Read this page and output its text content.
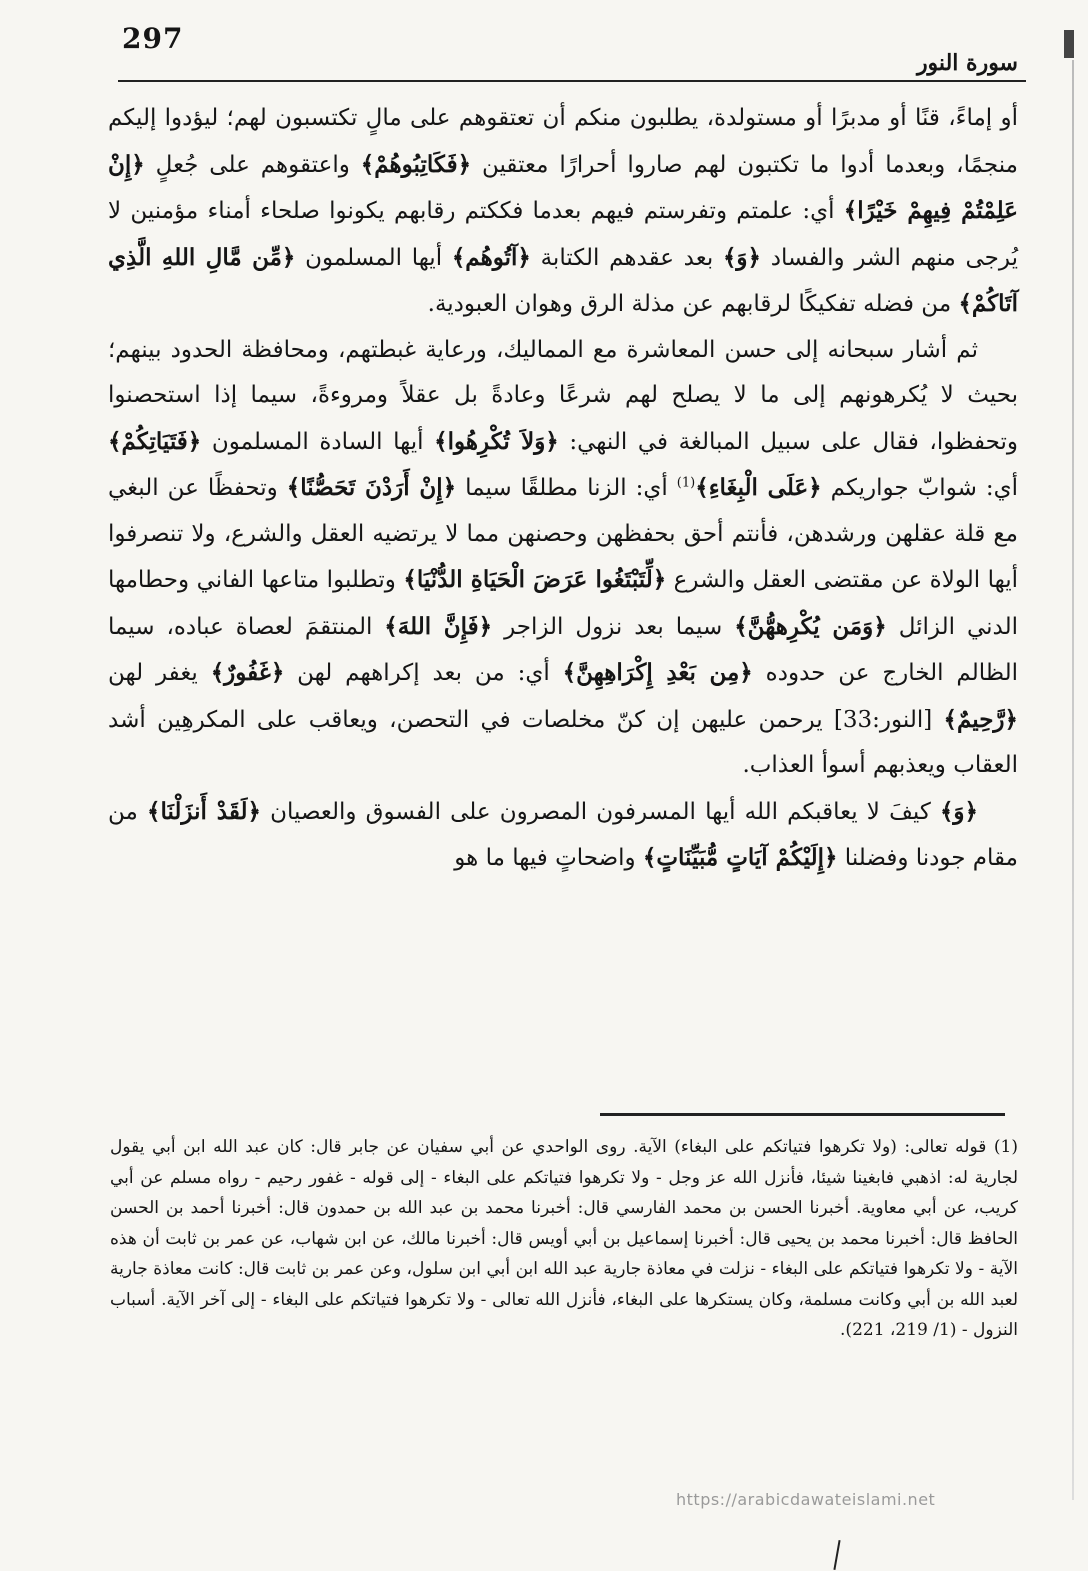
297
سورة النور

أو إماءً، قنًا أو مدبرًا أو مستولدة، يطلبون منكم أن تعتقوهم على مالٍ تكتسبون لهم؛ ليؤدوا إليكم منجمًا، وبعدما أدوا ما تكتبون لهم صاروا أحرارًا معتقين ﴿فَكَاتِبُوهُمْ﴾ واعتقوهم على جُعلٍ ﴿إِنْ عَلِمْتُمْ فِيهِمْ خَيْرًا﴾ أي: علمتم وتفرستم فيهم بعدما فككتم رقابهم يكونوا صلحاء أمناء مؤمنين لا يُرجى منهم الشر والفساد ﴿وَ﴾ بعد عقدهم الكتابة ﴿آتُوهُم﴾ أيها المسلمون ﴿مِّن مَّالِ اللهِ الَّذِي آتَاكُمْ﴾ من فضله تفكيكًا لرقابهم عن مذلة الرق وهوان العبودية.

ثم أشار سبحانه إلى حسن المعاشرة مع المماليك، ورعاية غبطتهم، ومحافظة الحدود بينهم؛ بحيث لا يُكرهونهم إلى ما لا يصلح لهم شرعًا وعادةً بل عقلاً ومروءةً، سيما إذا استحصنوا وتحفظوا، فقال على سبيل المبالغة في النهي: ﴿وَلاَ تُكْرِهُوا﴾ أيها السادة المسلمون ﴿فَتَيَاتِكُمْ﴾ أي: شوابّ جواريكم ﴿عَلَى الْبِغَاءِ﴾$^{(1)}$ أي: الزنا مطلقًا سيما ﴿إِنْ أَرَدْنَ تَحَصُّنًا﴾ وتحفظًا عن البغي مع قلة عقلهن ورشدهن، فأنتم أحق بحفظهن وحصنهن مما لا يرتضيه العقل والشرع، ولا تنصرفوا أيها الولاة عن مقتضى العقل والشرع ﴿لِّتَبْتَغُوا عَرَضَ الْحَيَاةِ الدُّنْيَا﴾ وتطلبوا متاعها الفاني وحطامها الدني الزائل ﴿وَمَن يُكْرِههُّنَّ﴾ سيما بعد نزول الزاجر ﴿فَإِنَّ اللهَ﴾ المنتقمَ لعصاة عباده، سيما الظالم الخارج عن حدوده ﴿مِن بَعْدِ إِكْرَاهِهِنَّ﴾ أي: من بعد إكراههم لهن ﴿غَفُورٌ﴾ يغفر لهن ﴿رَّحِيمٌ﴾ [النور:33] يرحمن عليهن إن كنّ مخلصات في التحصن، ويعاقب على المكرهِين أشد العقاب ويعذبهم أسوأ العذاب.

﴿وَ﴾ كيفَ لا يعاقبكم الله أيها المسرفون المصرون على الفسوق والعصيان ﴿لَقَدْ أَنزَلْنَا﴾ من مقام جودنا وفضلنا ﴿إِلَيْكُمْ آيَاتٍ مُّبَيِّنَاتٍ﴾ واضحاتٍ فيها ما هو

(1) قوله تعالى: (ولا تكرهوا فتياتكم على البغاء) الآية. روى الواحدي عن أبي سفيان عن جابر قال: كان عبد الله ابن أبي يقول لجارية له: اذهبي فابغينا شيئا، فأنزل الله عز وجل - ولا تكرهوا فتياتكم على البغاء - إلى قوله - غفور رحيم - رواه مسلم عن أبي كريب، عن أبي معاوية. أخبرنا الحسن بن محمد الفارسي قال: أخبرنا محمد بن عبد الله بن حمدون قال: أخبرنا أحمد بن الحسن الحافظ قال: أخبرنا محمد بن يحيى قال: أخبرنا إسماعيل بن أبي أويس قال: أخبرنا مالك، عن ابن شهاب، عن عمر بن ثابت أن هذه الآية - ولا تكرهوا فتياتكم على البغاء - نزلت في معاذة جارية عبد الله ابن أبي ابن سلول، وعن عمر بن ثابت قال: كانت معاذة جارية لعبد الله بن أبي وكانت مسلمة، وكان يستكرها على البغاء، فأنزل الله تعالى - ولا تكرهوا فتياتكم على البغاء - إلى آخر الآية. أسباب النزول - (1/ 219، 221).

https://arabicdawateislami.net
